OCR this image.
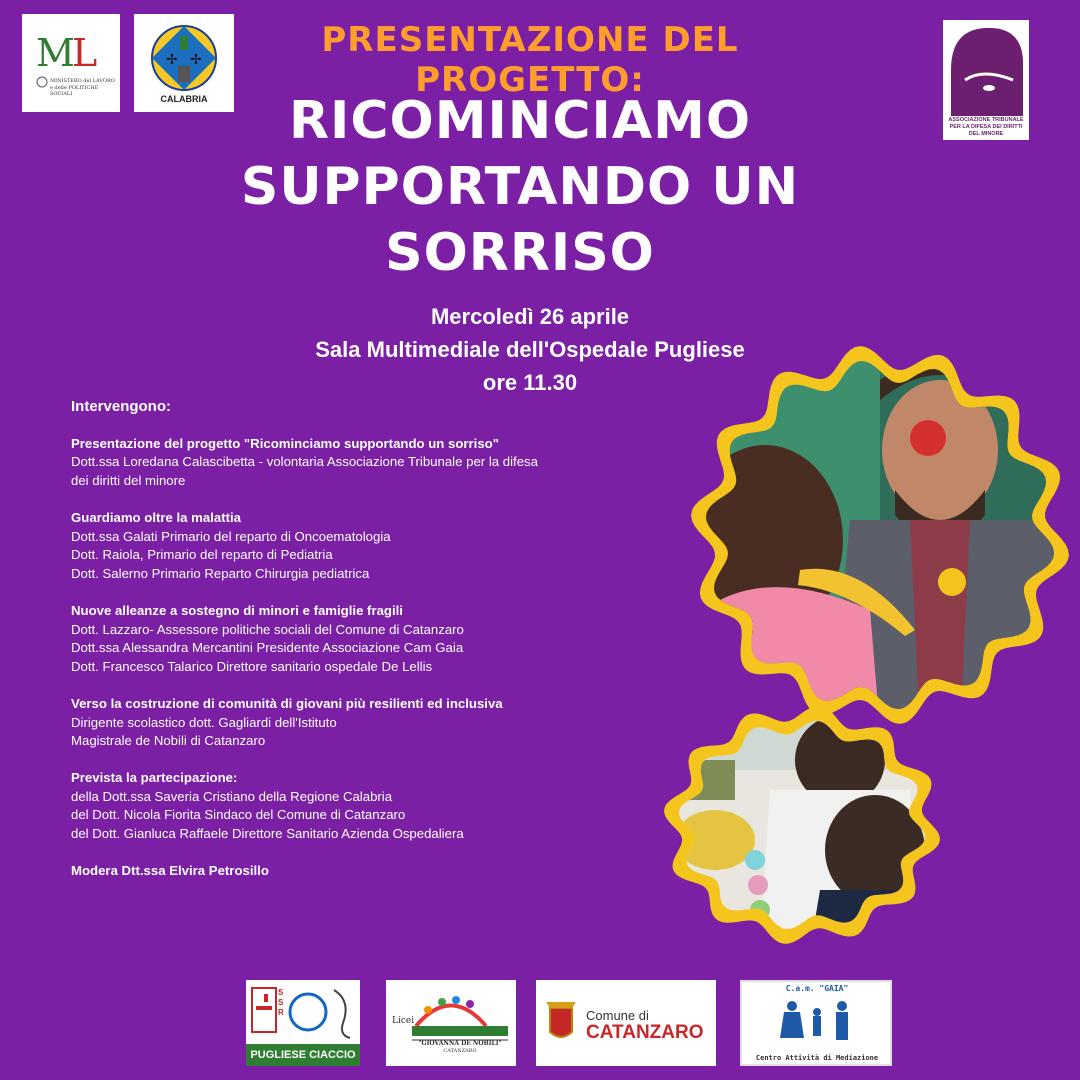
M
L
MINISTERO del LAVORO
e delle POLITICHE SOCIALI
✢ ✢
CALABRIA
ASSOCIAZIONE TRIBUNALE
PER LA DIFESA DEI DIRITTI
DEL MINORE
PRESENTAZIONE DEL PROGETTO:
RICOMINCIAMO
SUPPORTANDO UN
SORRISO
Mercoledì 26 aprile
Sala Multimediale dell'Ospedale Pugliese
ore 11.30
Intervengono:
Presentazione del progetto "Ricominciamo supportando un sorriso"
Dott.ssa Loredana Calascibetta - volontaria Associazione Tribunale per la difesa dei diritti del minore
Guardiamo oltre la malattia
Dott.ssa Galati Primario del reparto di Oncoematologia
Dott. Raiola, Primario del reparto di Pediatria
Dott. Salerno Primario Reparto Chirurgia pediatrica
Nuove alleanze a sostegno di minori e famiglie fragili
Dott. Lazzaro- Assessore politiche sociali del Comune di Catanzaro
Dott.ssa Alessandra Mercantini Presidente Associazione Cam Gaia
Dott. Francesco Talarico Direttore sanitario ospedale De Lellis
Verso la costruzione di comunità di giovani più resilienti ed inclusiva
Dirigente scolastico dott. Gagliardi dell'Istituto
Magistrale de Nobili di Catanzaro
Prevista la partecipazione:
della Dott.ssa Saveria Cristiano della Regione Calabria
del Dott. Nicola Fiorita Sindaco del Comune di Catanzaro
del Dott. Gianluca Raffaele Direttore Sanitario Azienda Ospedaliera
Modera Dtt.ssa Elvira Petrosillo
SSR
PUGLIESE CIACCIO
Licei
"GIOVANNA DE NOBILI"
CATANZARO
Comune di
CATANZARO
C.a.m. "GAIA"
Centro Attività di Mediazione
